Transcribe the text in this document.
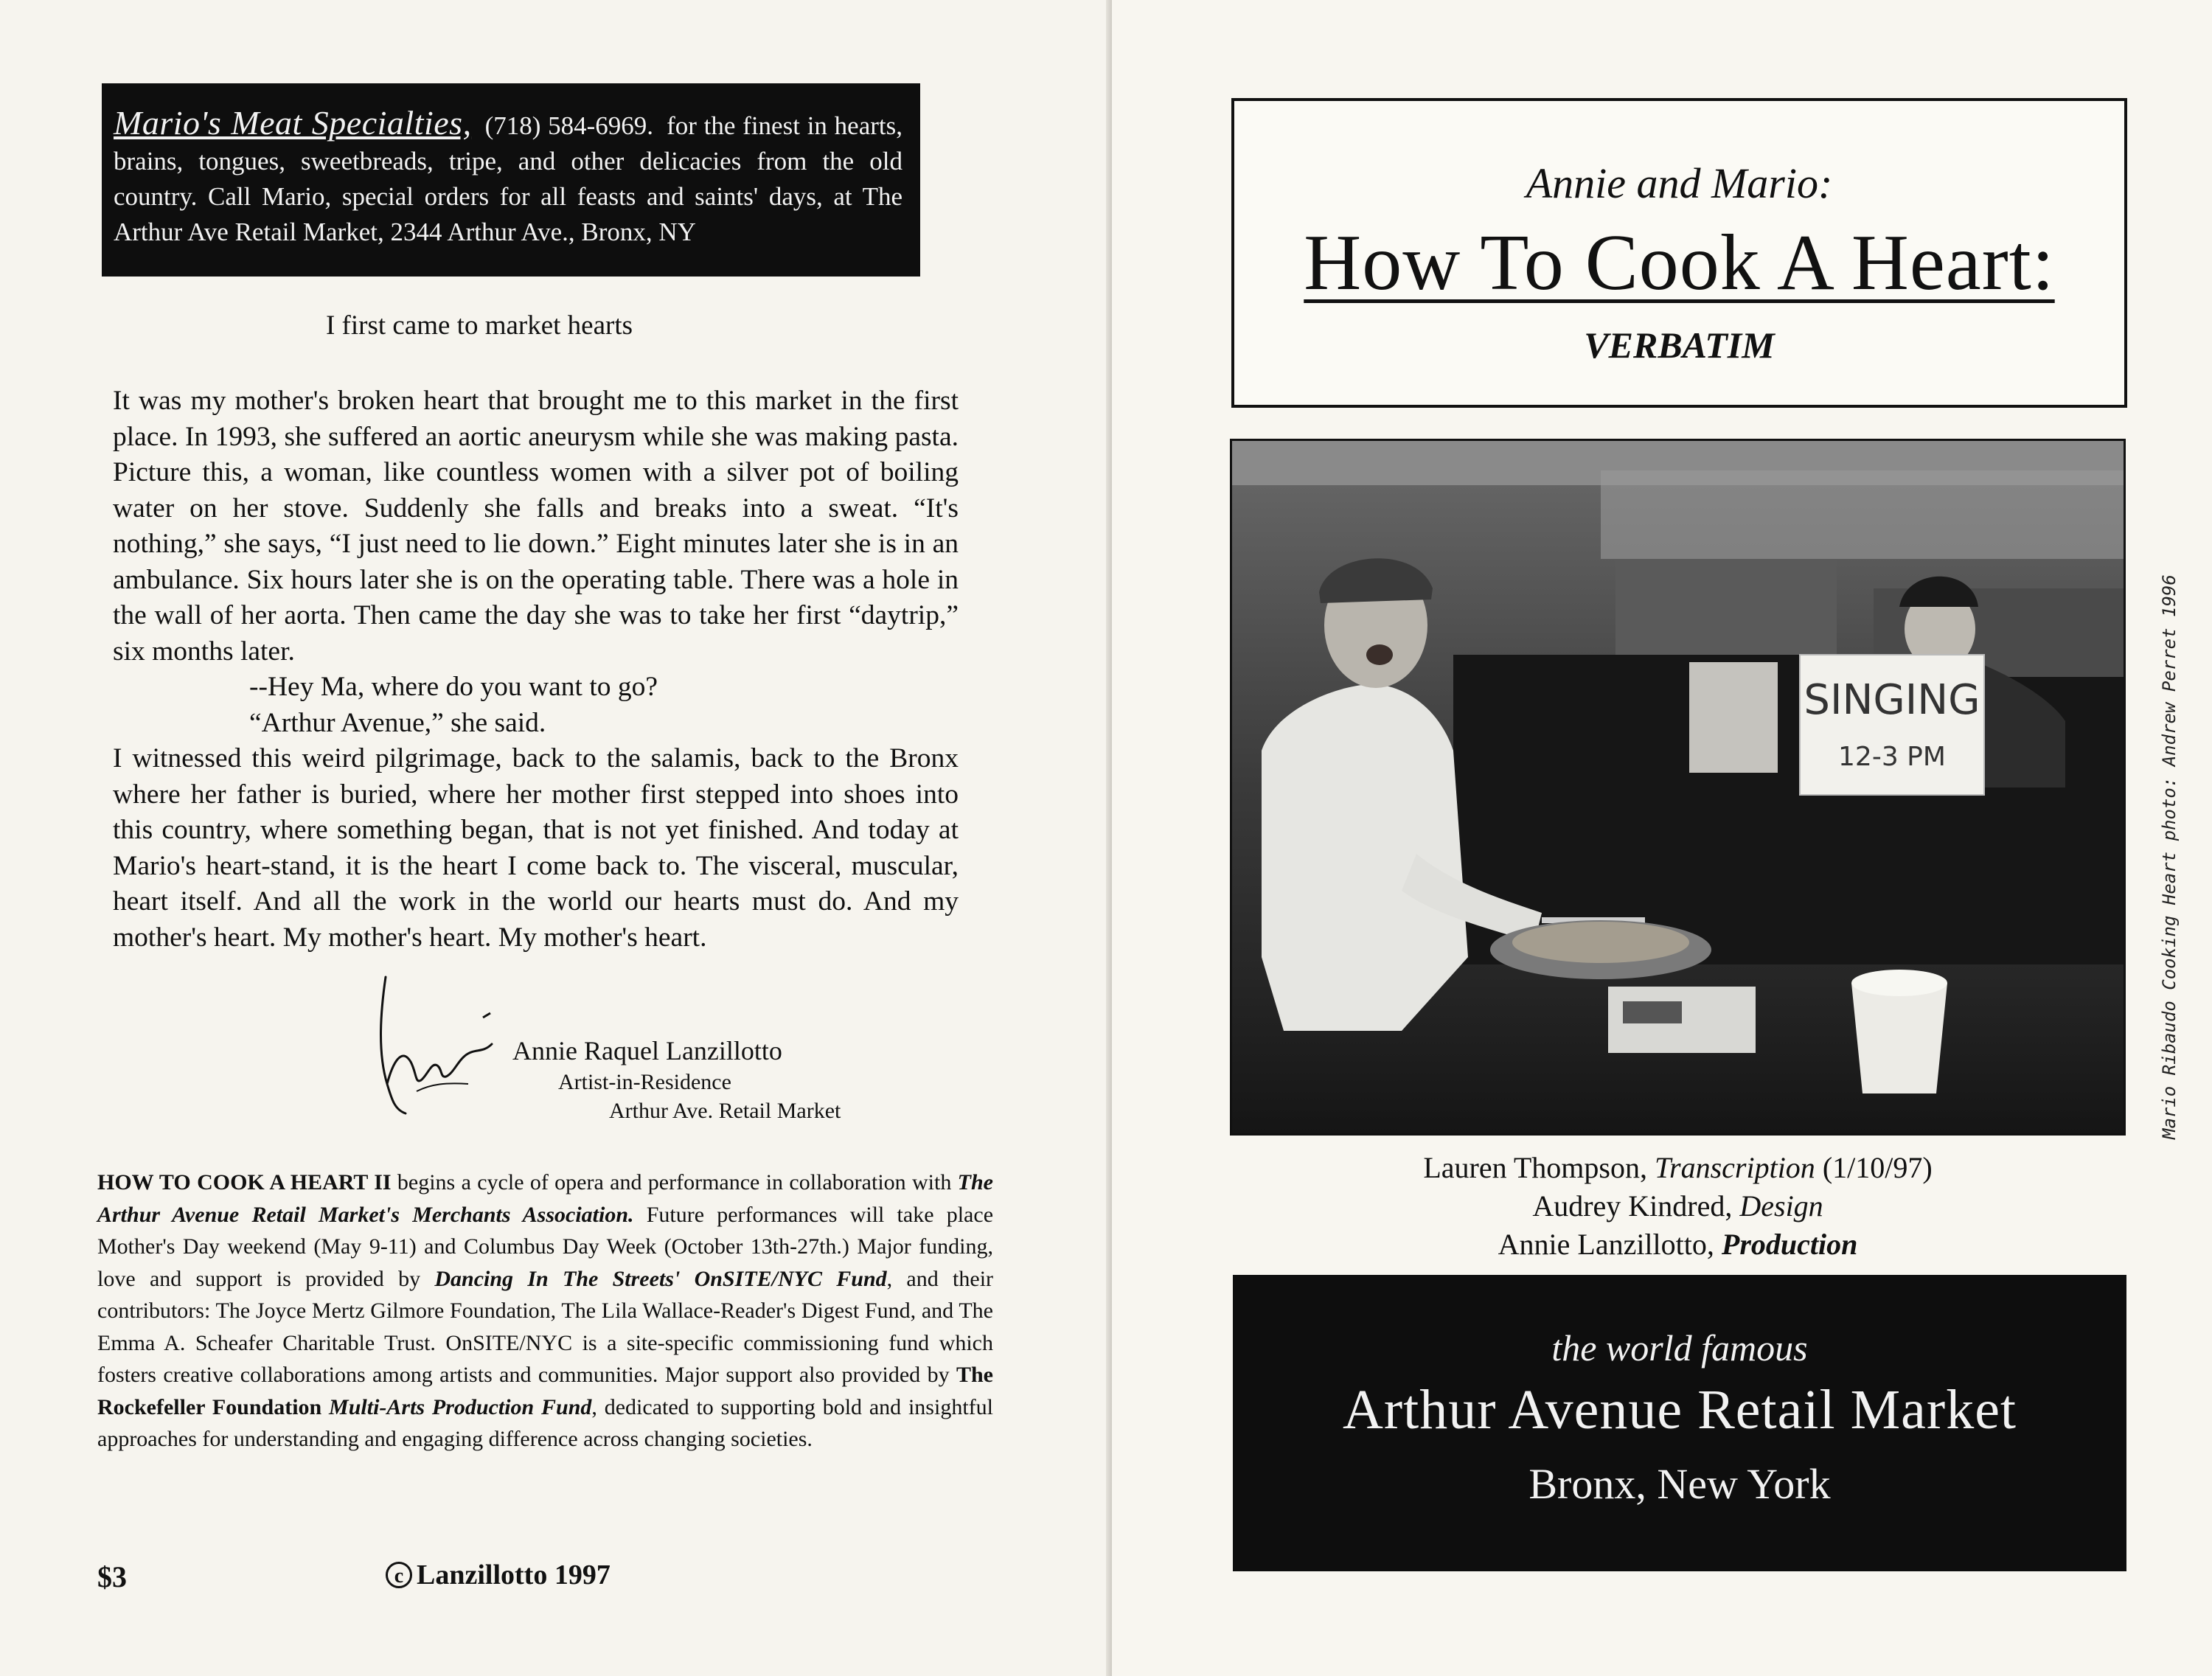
Mario's Meat Specialties, (718) 584-6969. for the finest in hearts, brains, tongues, sweetbreads, tripe, and other delicacies from the old country. Call Mario, special orders for all feasts and saints' days, at The Arthur Ave Retail Market, 2344 Arthur Ave., Bronx, NY
I first came to market hearts

It was my mother's broken heart that brought me to this market in the first place. In 1993, she suffered an aortic aneurysm while she was making pasta. Picture this, a woman, like countless women with a silver pot of boiling water on her stove. Suddenly she falls and breaks into a sweat. “It's nothing,” she says, “I just need to lie down.” Eight minutes later she is in an ambulance. Six hours later she is on the operating table. There was a hole in the wall of her aorta. Then came the day she was to take her first “daytrip,” six months later.

--Hey Ma, where do you want to go?

“Arthur Avenue,” she said.

I witnessed this weird pilgrimage, back to the salamis, back to the Bronx where her father is buried, where her mother first stepped into shoes into this country, where something began, that is not yet finished. And today at Mario's heart-stand, it is the heart I come back to. The visceral, muscular, heart itself. And all the work in the world our hearts must do. And my mother's heart. My mother's heart. My mother's heart.

Annie Raquel Lanzillotto
Artist-in-Residence
Arthur Ave. Retail Market
HOW TO COOK A HEART II begins a cycle of opera and performance in collaboration with The Arthur Avenue Retail Market's Merchants Association. Future performances will take place Mother's Day weekend (May 9-11) and Columbus Day Week (October 13th-27th.) Major funding, love and support is provided by Dancing In The Streets' OnSITE/NYC Fund, and their contributors: The Joyce Mertz Gilmore Foundation, The Lila Wallace-Reader's Digest Fund, and The Emma A. Scheafer Charitable Trust. OnSITE/NYC is a site-specific commissioning fund which fosters creative collaborations among artists and communities. Major support also provided by The Rockefeller Foundation Multi-Arts Production Fund, dedicated to supporting bold and insightful approaches for understanding and engaging difference across changing societies.
$3	c Lanzillotto 1997
Annie and Mario:
How To Cook A Heart:
VERBATIM
SINGING
12-3 PM	Mario Ribaudo Cooking Heart photo: Andrew Perret 1996
Lauren Thompson, Transcription (1/10/97)
Audrey Kindred, Design
Annie Lanzillotto, Production
the world famous
Arthur Avenue Retail Market
Bronx, New York
